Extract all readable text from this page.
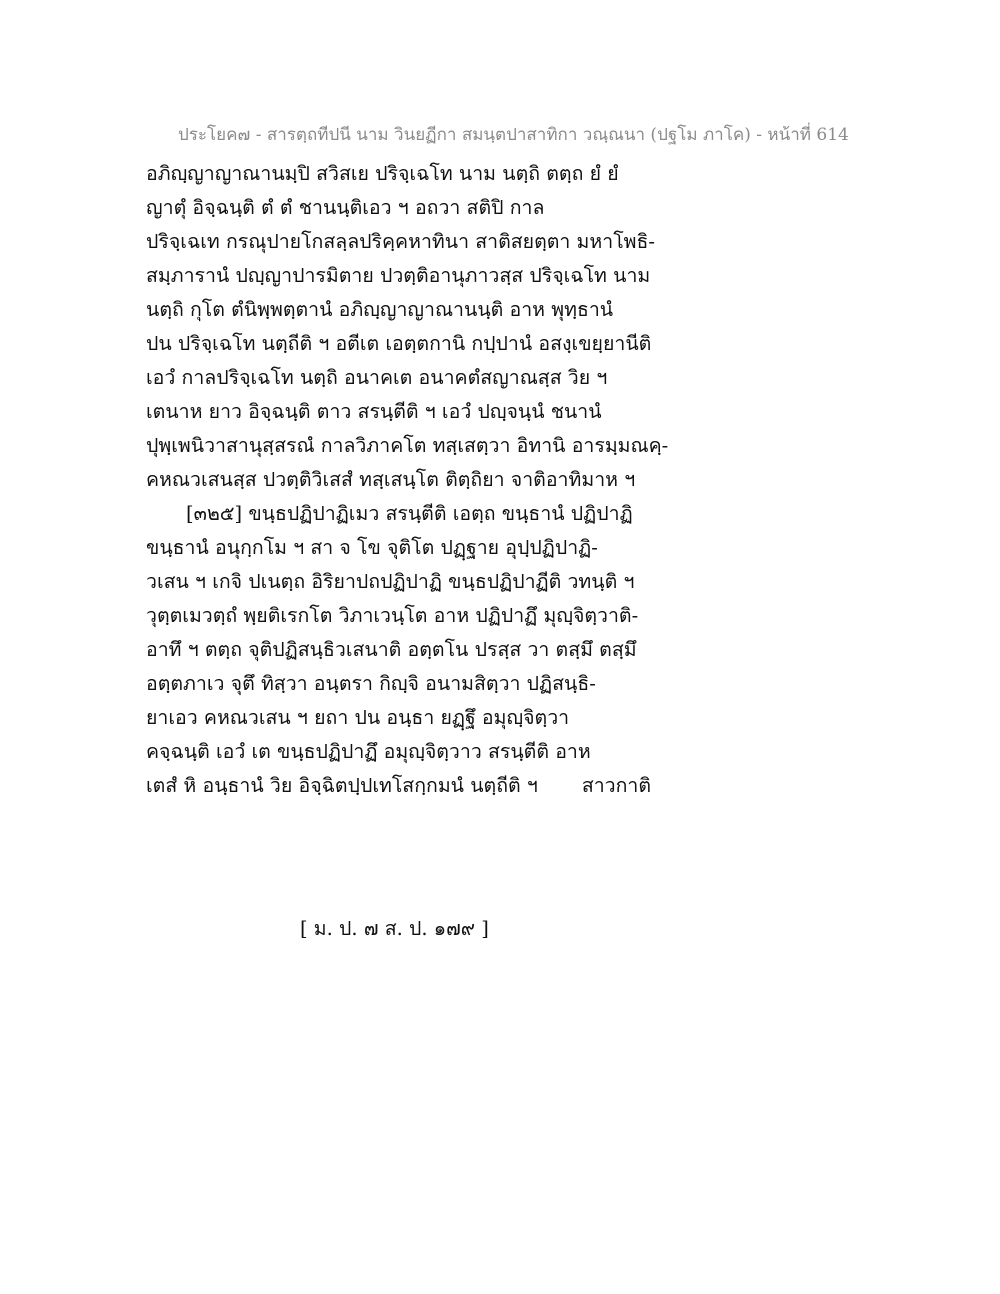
ประโยค๗ - สารตฺถทีปนี นาม วินยฏีกา สมนฺตปาสาทิกา วณฺณนา (ปฐโม ภาโค) - หน้าที่ 614
อภิญฺญาญาณานมฺปิ สวิสเย ปริจฺเฉโท นาม นตฺถิ ตตฺถ ยํ ยํ
ญาตุํ อิจฺฉนฺติ ตํ ตํ ชานนฺติเอว ฯ อถวา สติปิ กาล
ปริจฺเฉเท กรณุปายโกสลฺลปริคฺคหาทินา สาติสยตฺตา มหาโพธิ-
สมฺภารานํ ปญฺญาปารมิตาย ปวตฺติอานุภาวสฺส ปริจฺเฉโท นาม
นตฺถิ กุโต ตํนิพฺพตฺตานํ อภิญฺญาญาณานนฺติ อาห พุทฺธานํ
ปน ปริจฺเฉโท นตฺถีติ ฯ อตีเต เอตฺตกานิ กปฺปานํ อสงฺเขยฺยานีติ
เอวํ กาลปริจฺเฉโท นตฺถิ อนาคเต อนาคตํสญาณสฺส วิย ฯ
เตนาห ยาว อิจฺฉนฺติ ตาว สรนฺตีติ ฯ เอวํ ปญฺจนฺนํ ชนานํ
ปุพฺเพนิวาสานุสฺสรณํ กาลวิภาคโต ทสฺเสตฺวา อิทานิ อารมฺมณคฺ-
คหณวเสนสฺส ปวตฺติวิเสสํ ทสฺเสนฺโต ติตฺถิยา จาติอาทิมาห ฯ
[๓๒๕] ขนฺธปฏิปาฏิเมว สรนฺตีติ เอตฺถ ขนฺธานํ ปฏิปาฏิ
ขนฺธานํ อนุกฺกโม ฯ สา จ โข จุติโต ปฏฺฐาย อุปฺปฏิปาฏิ-
วเสน ฯ เกจิ ปเนตฺถ อิริยาปถปฏิปาฏิ ขนฺธปฏิปาฏีติ วทนฺติ ฯ
วุตฺตเมวตฺถํ พฺยติเรกโต วิภาเวนฺโต อาห ปฏิปาฏึ มุญฺจิตฺวาติ-
อาทึ ฯ ตตฺถ จุติปฏิสนฺธิวเสนาติ อตฺตโน ปรสฺส วา ตสฺมึ ตสฺมึ
อตฺตภาเว จุตึ ทิสฺวา อนฺตรา กิญฺจิ อนามสิตฺวา ปฏิสนฺธิ-
ยาเอว คหณวเสน ฯ ยถา ปน อนฺธา ยฏฺฐึ อมุญฺจิตฺวา
คจฺฉนฺติ เอวํ เต ขนฺธปฏิปาฏึ อมุญฺจิตฺวาว สรนฺตีติ อาห
เตสํ หิ อนฺธานํ วิย อิจฺฉิตปฺปเทโสกฺกมนํ นตฺถีติ ฯ สาวกาติ
[ ม. ป. ๗ ส. ป. ๑๗๙ ]
